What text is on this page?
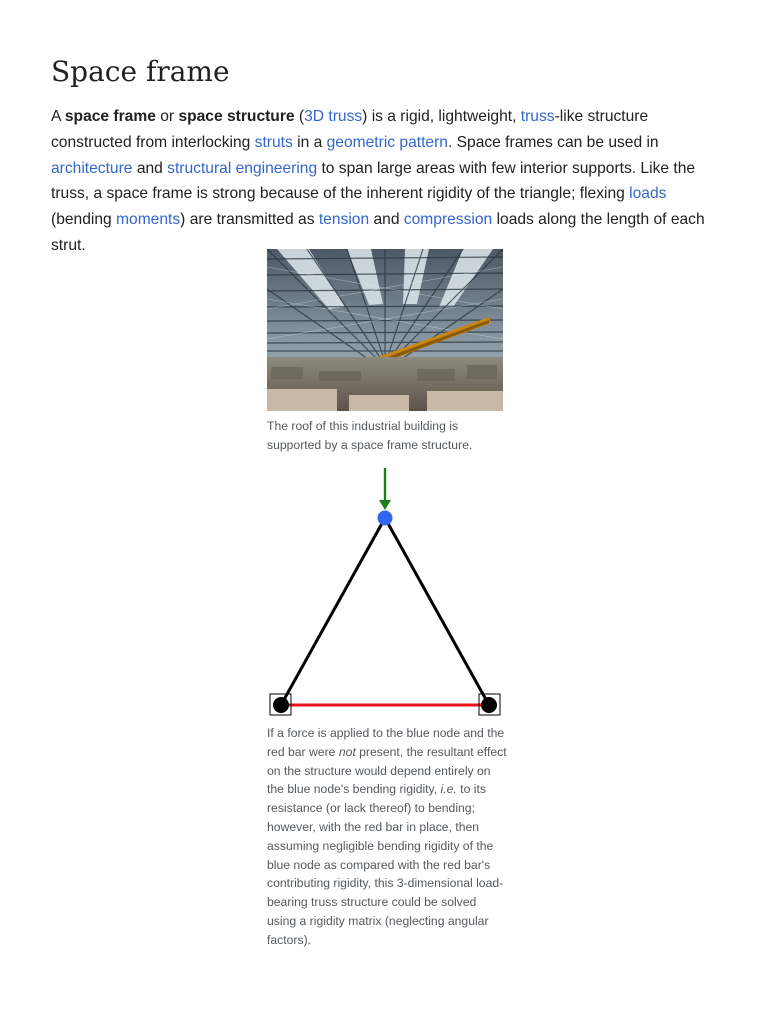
Space frame

A space frame or space structure (3D truss) is a rigid, lightweight, truss-like structure constructed from interlocking struts in a geometric pattern. Space frames can be used in architecture and structural engineering to span large areas with few interior supports. Like the truss, a space frame is strong because of the inherent rigidity of the triangle; flexing loads (bending moments) are transmitted as tension and compression loads along the length of each strut.

The roof of this industrial building is supported by a space frame structure.

If a force is applied to the blue node and the red bar were not present, the resultant effect on the structure would depend entirely on the blue node's bending rigidity, i.e. to its resistance (or lack thereof) to bending; however, with the red bar in place, then assuming negligible bending rigidity of the blue node as compared with the red bar's contributing rigidity, this 3-dimensional load-bearing truss structure could be solved using a rigidity matrix (neglecting angular factors).
